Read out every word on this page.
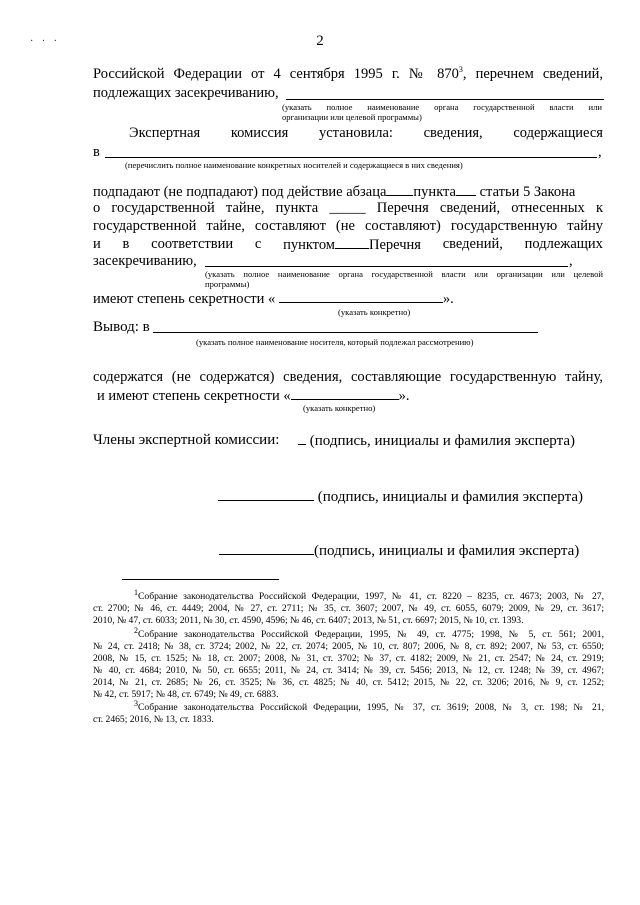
· · ·	2
Российской Федерации от 4 сентября 1995 г. № $870^3$, перечнем сведений,
подлежащих засекречиванию,
(указать полное наименование органа государственной власти или
организации или целевой программы)
Экспертная комиссия установила: сведения, содержащиеся
в	,
(перечислить полное наименование конкретных носителей и содержащиеся в них сведения)
подпадают (не подпадают) под действие абзаца пункта статьи 5 Закона
о государственной тайне, пункта _____ Перечня сведений, отнесенных к
государственной тайне, составляют (не составляют) государственную тайну
и в соответствии с пунктом Перечня сведений, подлежащих
засекречиванию,	,
(указать полное наименование органа государственной власти или организации или целевой
программы)
имеют степень секретности «	».
(указать конкретно)
Вывод: в
(указать полное наименование носителя, который подлежал рассмотрению)
содержатся (не содержатся) сведения, составляющие государственную тайну,
и имеют степень секретности «	».
(указать конкретно)
Члены экспертной комиссии:	(подпись, инициалы и фамилия эксперта)
(подпись, инициалы и фамилия эксперта)
(подпись, инициалы и фамилия эксперта)
$^1$Собрание законодательства Российской Федерации, 1997, № 41, ст. 8220 – 8235, ст. 4673; 2003, № 27,
ст. 2700; № 46, ст. 4449; 2004, № 27, ст. 2711; № 35, ст. 3607; 2007, № 49, ст. 6055, 6079; 2009, № 29, ст. 3617;
2010, № 47, ст. 6033; 2011, № 30, ст. 4590, 4596; № 46, ст. 6407; 2013, № 51, ст. 6697; 2015, № 10, ст. 1393.
$^2$Собрание законодательства Российской Федерации, 1995, № 49, ст. 4775; 1998, № 5, ст. 561; 2001,
№ 24, ст. 2418; № 38, ст. 3724; 2002, № 22, ст. 2074; 2005, № 10, ст. 807; 2006, № 8, ст. 892; 2007, № 53, ст. 6550;
2008, № 15, ст. 1525; № 18, ст. 2007; 2008, № 31, ст. 3702; № 37, ст. 4182; 2009, № 21, ст. 2547; № 24, ст. 2919;
№ 40, ст. 4684; 2010, № 50, ст. 6655; 2011, № 24, ст. 3414; № 39, ст. 5456; 2013, № 12, ст. 1248; № 39, ст. 4967;
2014, № 21, ст. 2685; № 26, ст. 3525; № 36, ст. 4825; № 40, ст. 5412; 2015, № 22, ст. 3206; 2016, № 9, ст. 1252;
№ 42, ст. 5917; № 48, ст. 6749; № 49, ст. 6883.
$^3$Собрание законодательства Российской Федерации, 1995, № 37, ст. 3619; 2008, № 3, ст. 198; № 21,
ст. 2465; 2016, № 13, ст. 1833.
